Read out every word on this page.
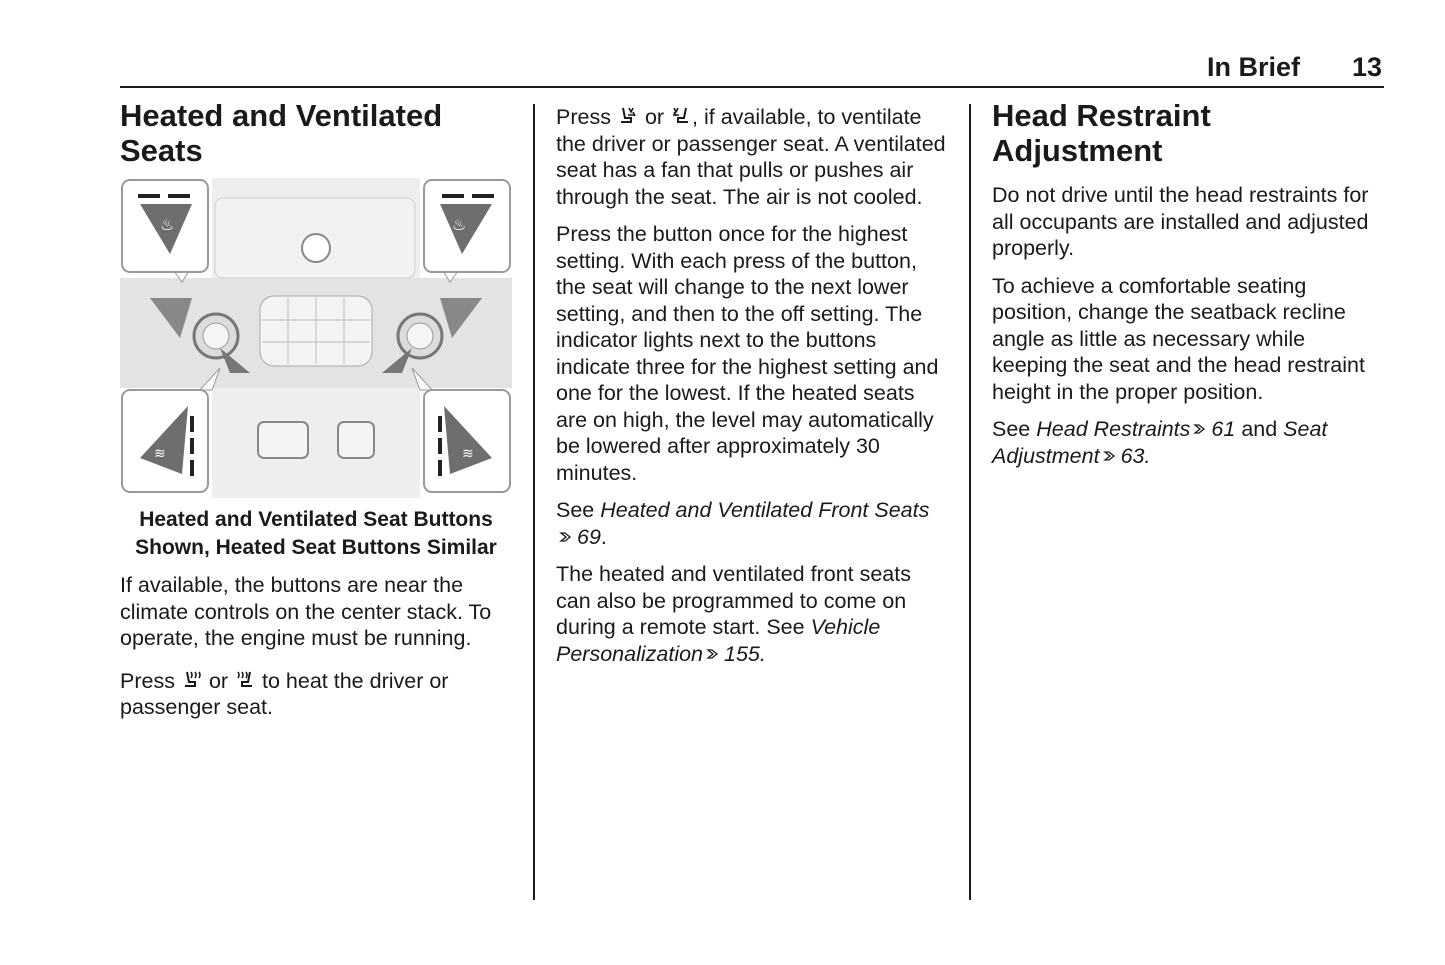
In Brief 13
Heated and Ventilated Seats
♨	♨
≋	≋
Heated and Ventilated Seat Buttons Shown, Heated Seat Buttons Similar

If available, the buttons are near the climate controls on the center stack. To operate, the engine must be running.

Press or to heat the driver or passenger seat.

Press or , if available, to ventilate the driver or passenger seat. A ventilated seat has a fan that pulls or pushes air through the seat. The air is not cooled.

Press the button once for the highest setting. With each press of the button, the seat will change to the next lower setting, and then to the off setting. The indicator lights next to the buttons indicate three for the highest setting and one for the lowest. If the heated seats are on high, the level may automatically be lowered after approximately 30 minutes.

See Heated and Ventilated Front Seats69.

The heated and ventilated front seats can also be programmed to come on during a remote start. See Vehicle Personalization 155.

Head Restraint Adjustment

Do not drive until the head restraints for all occupants are installed and adjusted properly.

To achieve a comfortable seating position, change the seatback recline angle as little as necessary while keeping the seat and the head restraint height in the proper position.

See Head Restraints 61 and Seat Adjustment 63.
